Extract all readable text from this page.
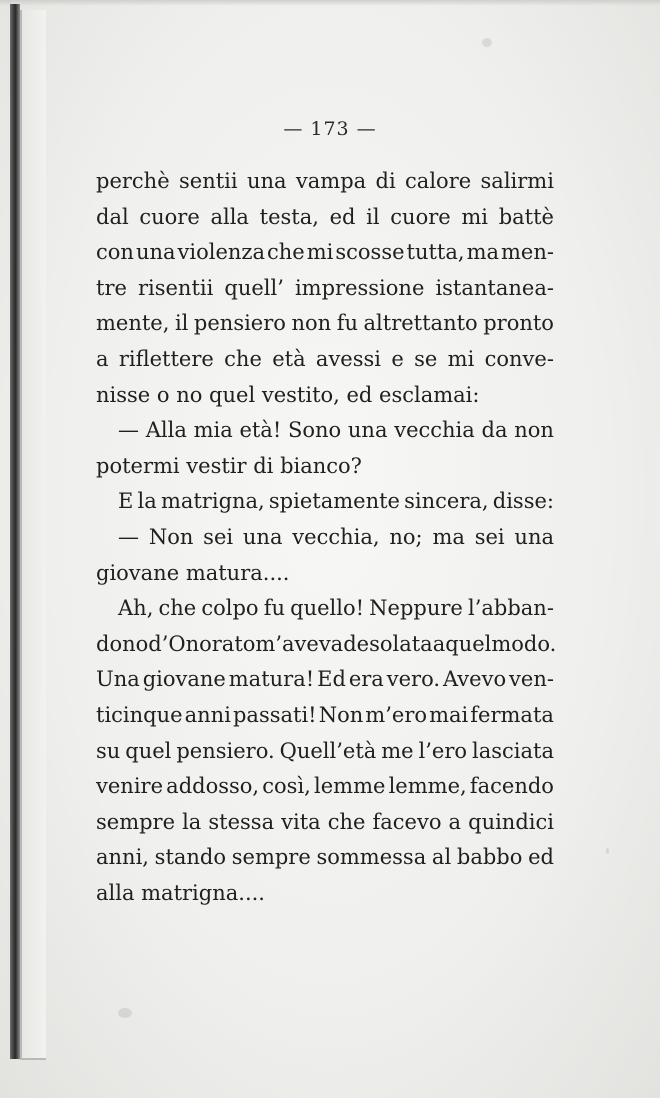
— 173 —
perchè sentii una vampa di calore salirmi
dal cuore alla testa, ed il cuore mi battè
con una violenza che mi scosse tutta, ma men-
tre risentii quell’ impressione istantanea-
mente, il pensiero non fu altrettanto pronto
a riflettere che età avessi e se mi conve-
nisse o no quel vestito, ed esclamai:
— Alla mia età! Sono una vecchia da non
potermi vestir di bianco?
E la matrigna, spietamente sincera, disse:
— Non sei una vecchia, no; ma sei una
giovane matura....
Ah, che colpo fu quello! Neppure l’abban-
dono d’Onorato m’aveva desolata a quel modo.
Una giovane matura! Ed era vero. Avevo ven-
ticinque anni passati! Non m’ero mai fermata
su quel pensiero. Quell’età me l’ero lasciata
venire addosso, così, lemme lemme, facendo
sempre la stessa vita che facevo a quindici
anni, stando sempre sommessa al babbo ed
alla matrigna....
